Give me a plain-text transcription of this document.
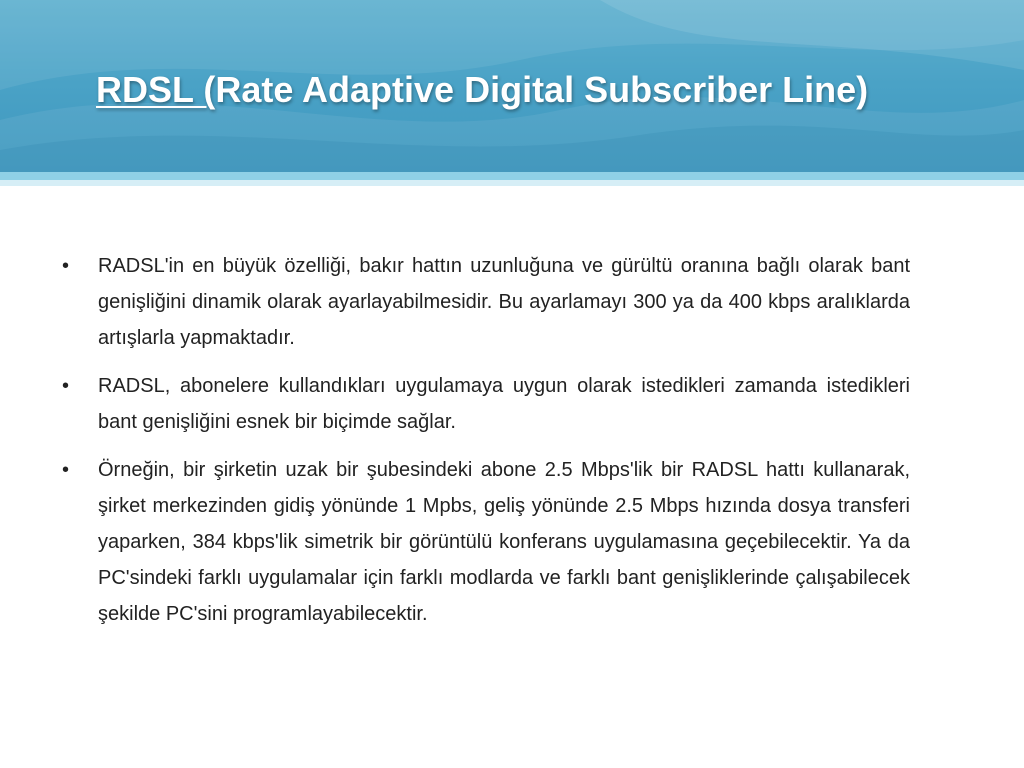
RDSL (Rate Adaptive Digital Subscriber Line)
•	RADSL'in en büyük özelliği, bakır hattın uzunluğuna ve gürültü oranına bağlı olarak bant genişliğini dinamik olarak ayarlayabilmesidir. Bu ayarlamayı 300 ya da 400 kbps aralıklarda artışlarla yapmaktadır.
•	RADSL, abonelere kullandıkları uygulamaya uygun olarak istedikleri zamanda istedikleri bant genişliğini esnek bir biçimde sağlar.
•	Örneğin, bir şirketin uzak bir şubesindeki abone 2.5 Mbps'lik bir RADSL hattı kullanarak, şirket merkezinden gidiş yönünde 1 Mpbs, geliş yönünde 2.5 Mbps hızında dosya transferi yaparken, 384 kbps'lik simetrik bir görüntülü konferans uygulamasına geçebilecektir. Ya da PC'sindeki farklı uygulamalar için farklı modlarda ve farklı bant genişliklerinde çalışabilecek şekilde PC'sini programlayabilecektir.
